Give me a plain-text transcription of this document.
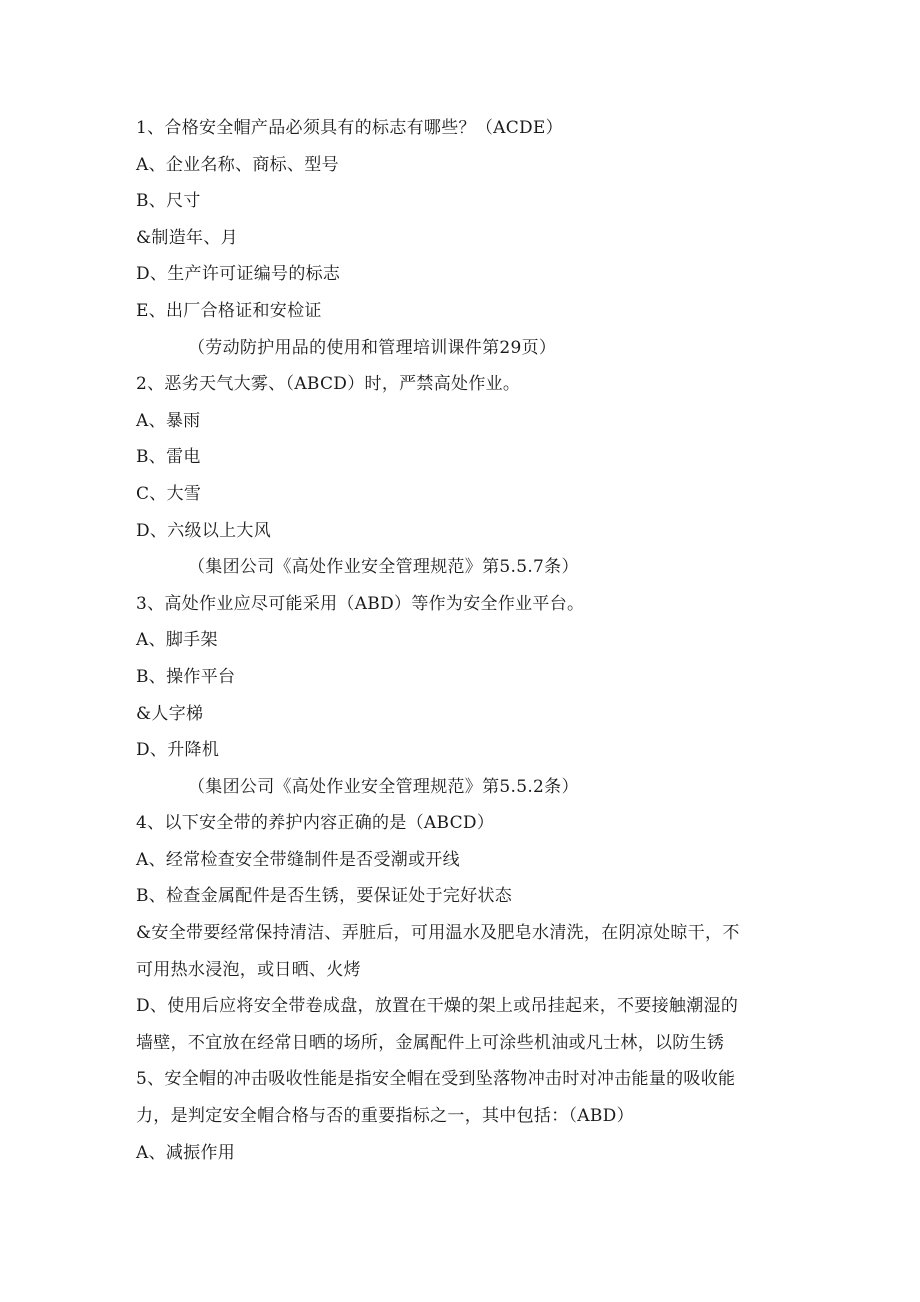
1、合格安全帽产品必须具有的标志有哪些？（ACDE）
A、企业名称、商标、型号
B、尺寸
&制造年、月
D、生产许可证编号的标志
E、出厂合格证和安检证
（劳动防护用品的使用和管理培训课件第29页）
2、恶劣天气大雾、（ABCD）时，严禁高处作业。
A、暴雨
B、雷电
C、大雪
D、六级以上大风
（集团公司《高处作业安全管理规范》第5.5.7条）
3、高处作业应尽可能采用（ABD）等作为安全作业平台。
A、脚手架
B、操作平台
&人字梯
D、升降机
（集团公司《高处作业安全管理规范》第5.5.2条）
4、以下安全带的养护内容正确的是（ABCD）
A、经常检查安全带缝制件是否受潮或开线
B、检查金属配件是否生锈，要保证处于完好状态
&安全带要经常保持清洁、弄脏后，可用温水及肥皂水清洗，在阴凉处晾干，不
可用热水浸泡，或日晒、火烤
D、使用后应将安全带卷成盘，放置在干燥的架上或吊挂起来，不要接触潮湿的
墙壁，不宜放在经常日晒的场所，金属配件上可涂些机油或凡士林，以防生锈
5、安全帽的冲击吸收性能是指安全帽在受到坠落物冲击时对冲击能量的吸收能
力，是判定安全帽合格与否的重要指标之一，其中包括：（ABD）
A、减振作用
